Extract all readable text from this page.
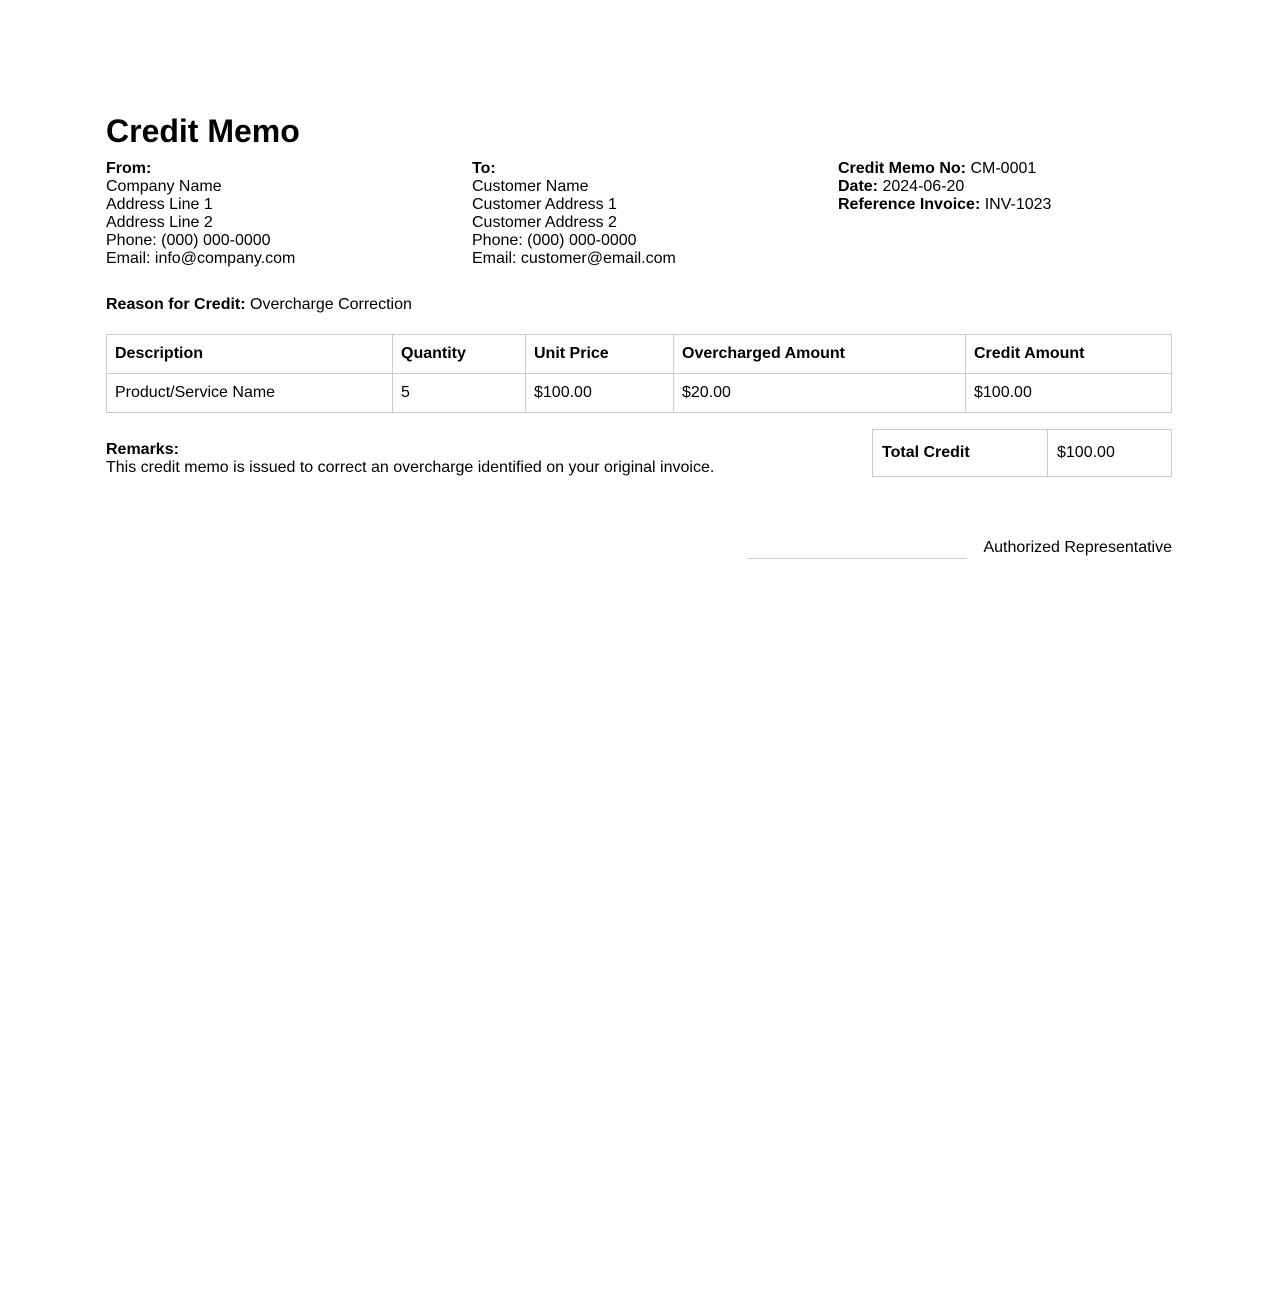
Credit Memo
From:
Company Name
Address Line 1
Address Line 2
Phone: (000) 000-0000
Email: info@company.com
To:
Customer Name
Customer Address 1
Customer Address 2
Phone: (000) 000-0000
Email: customer@email.com
Credit Memo No: CM-0001
Date: 2024-06-20
Reference Invoice: INV-1023
Reason for Credit: Overcharge Correction
Description	Quantity	Unit Price	Overcharged Amount	Credit Amount
Product/Service Name	5	$100.00	$20.00	$100.00
Remarks:
This credit memo is issued to correct an overcharge identified on your original invoice.
Total Credit	$100.00
Authorized Representative
